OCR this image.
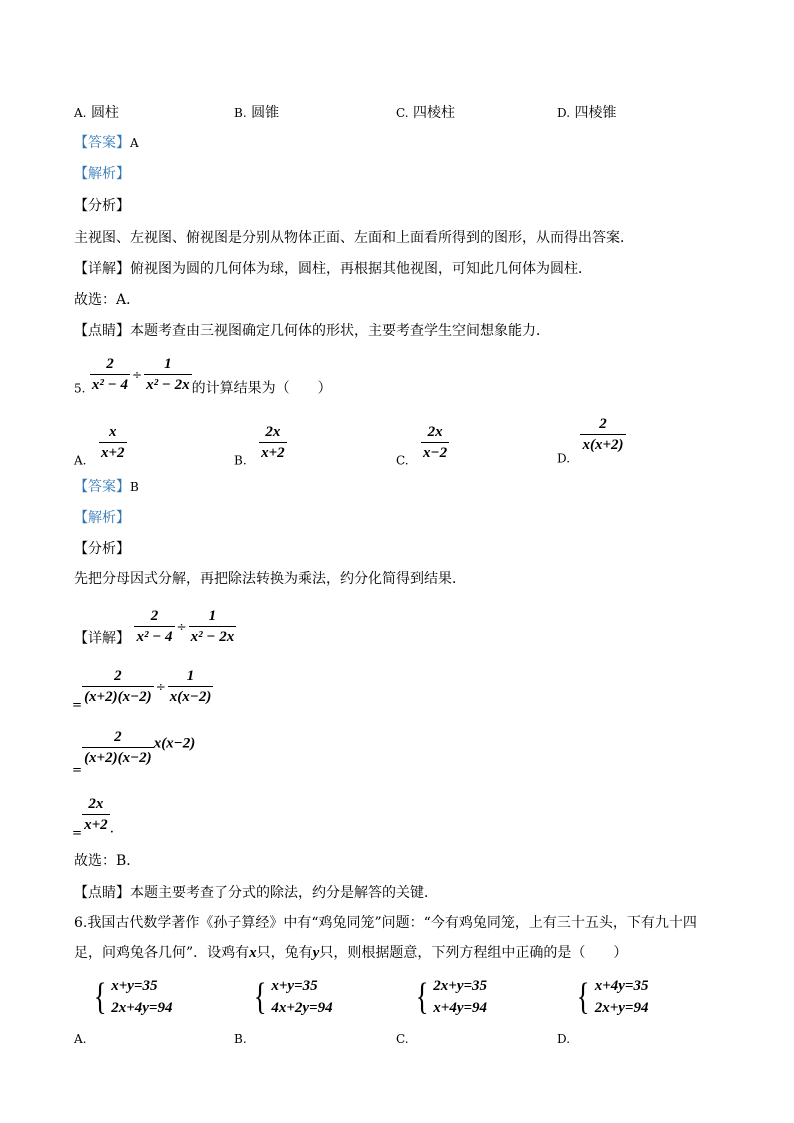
A. 圆柱	B. 圆锥	C. 四棱柱	D. 四棱锥
【答案】A
【解析】
【分析】
主视图、左视图、俯视图是分别从物体正面、左面和上面看所得到的图形，从而得出答案．
【详解】俯视图为圆的几何体为球，圆柱，再根据其他视图，可知此几何体为圆柱．
故选：A．
【点睛】本题考查由三视图确定几何体的形状，主要考查学生空间想象能力．
5. $\frac{2}{\text{x² − 4}} \div \frac{1}{\text{x² − 2x}}$ 的计算结果为（　　）
A. $\frac{x}{x+2}$	B. $\frac{2x}{x+2}$	C. $\frac{2x}{x-2}$	D.
$\frac{2}{x(x+2)}$
【答案】B
【解析】
【分析】
先把分母因式分解，再把除法转换为乘法，约分化简得到结果．
【详解】 $\frac{2}{\text{x² − 4}} \div \frac{1}{\text{x² − 2x}}$
= $\frac{2}{(x+2)(x-2)} \div \frac{1}{x(x-2)}$
=
$\frac{2}{(x+2)(x-2)} x(x-2)$
= $\frac{2x}{x+2}$ .
故选：B．
【点睛】本题主要考查了分式的除法，约分是解答的关键．
6.我国古代数学著作《孙子算经》中有“鸡兔同笼”问题：“今有鸡兔同笼，上有三十五头，下有九十四
足，问鸡兔各几何”．设鸡有x只，兔有y只，则根据题意，下列方程组中正确的是（　　）
A.
{ x+y=35
2x+4y=94
B.
{ x+y=35
4x+2y=94
C.
{ 2x+y=35
x+4y=94
D.
{ x+4y=35
2x+y=94
